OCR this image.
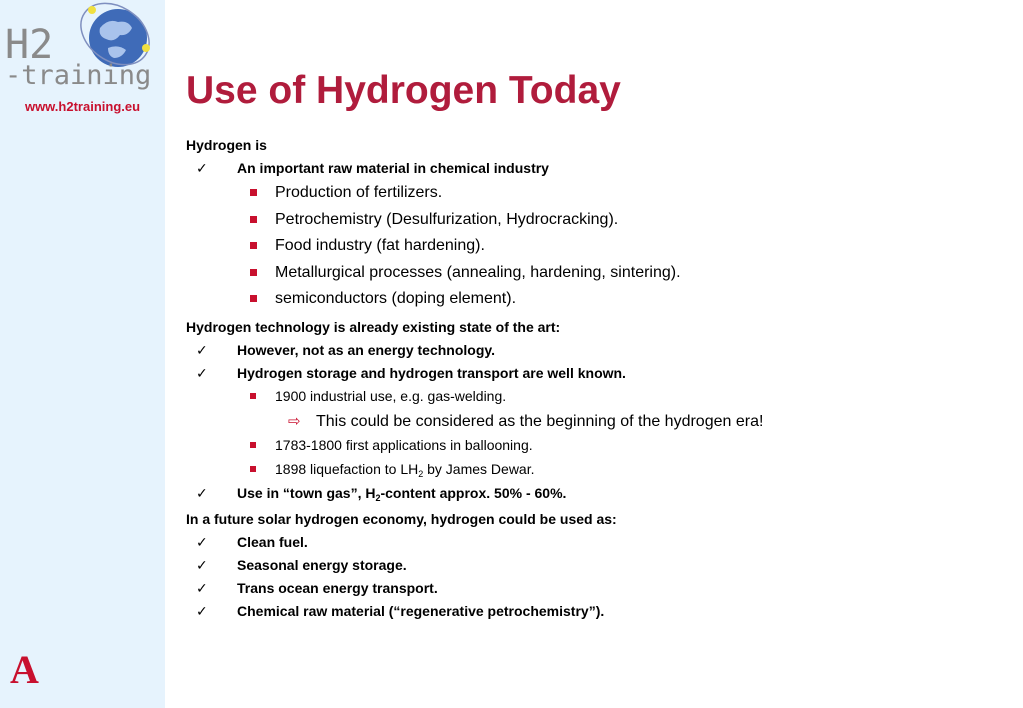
H2
-training
www.h2training.eu
A
Use of Hydrogen Today
Hydrogen is
✓ An important raw material in chemical industry
Production of fertilizers.
Petrochemistry (Desulfurization, Hydrocracking).
Food industry (fat hardening).
Metallurgical processes (annealing, hardening, sintering).
semiconductors (doping element).
Hydrogen technology is already existing state of the art:
✓ However, not as an energy technology.
✓ Hydrogen storage and hydrogen transport are well known.
1900 industrial use, e.g. gas-welding.
⇨ This could be considered as the beginning of the hydrogen era!
1783-1800 first applications in ballooning.
1898 liquefaction to $LH_2$ by James Dewar.
✓ Use in “town gas”, $H_2$-content approx. 50% - 60%.
In a future solar hydrogen economy, hydrogen could be used as:
✓ Clean fuel.
✓ Seasonal energy storage.
✓ Trans ocean energy transport.
✓ Chemical raw material (“regenerative petrochemistry”).
